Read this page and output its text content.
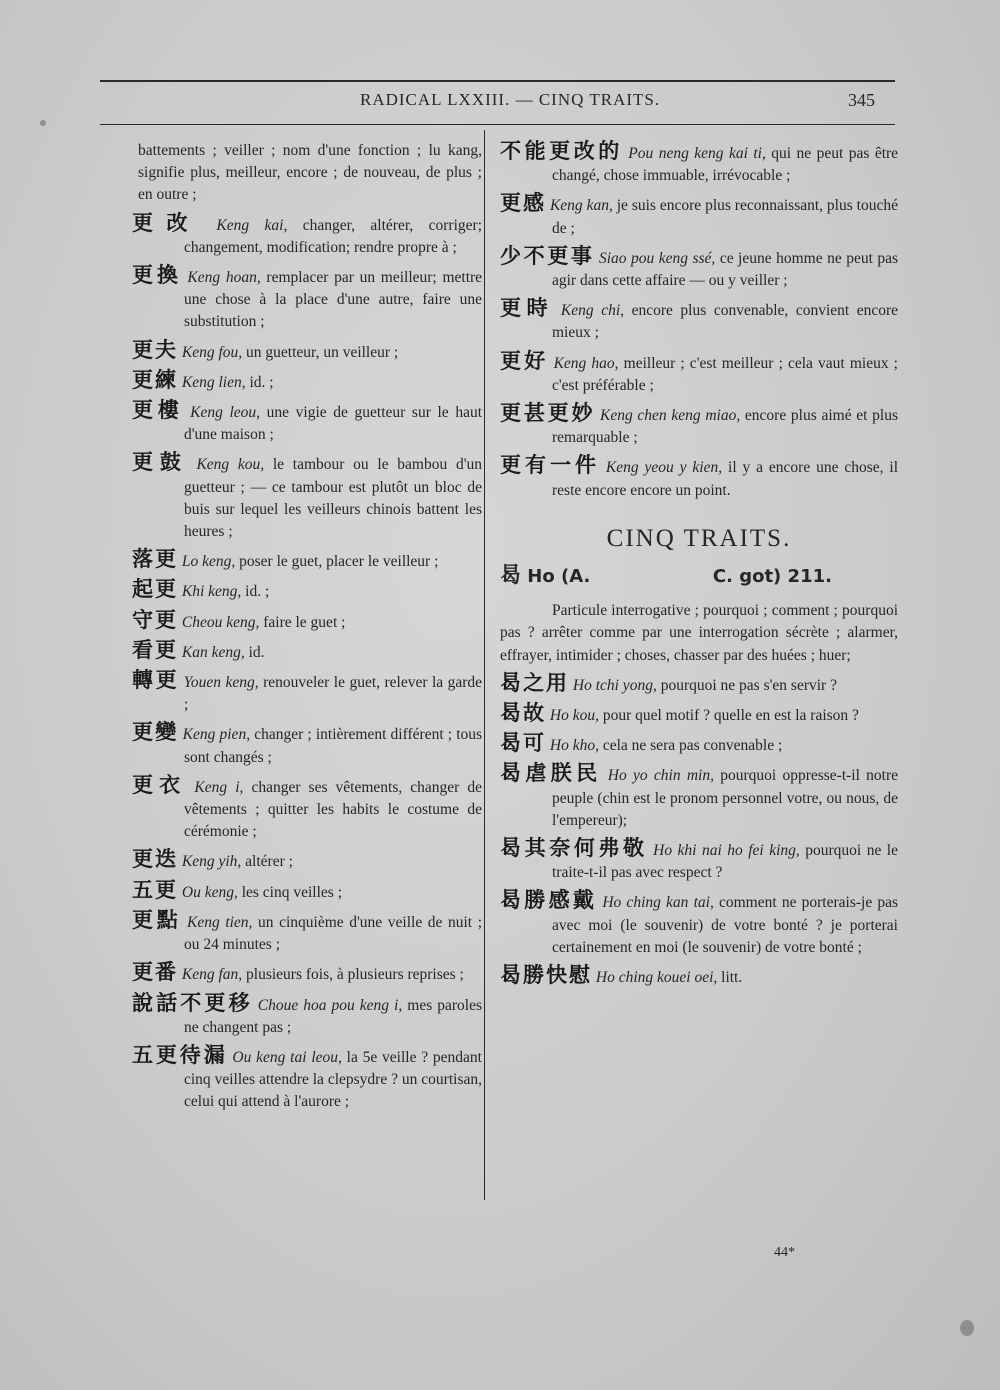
RADICAL LXXIII. — CINQ TRAITS.	345

battements ; veiller ; nom d'une fonction ; lu kang, signifie plus, meilleur, encore ; de nouveau, de plus ; en outre ;

更改 Keng kai, changer, altérer, corriger; changement, modification; rendre propre à ;

更換 Keng hoan, remplacer par un meilleur; mettre une chose à la place d'une autre, faire une substitution ;

更夫 Keng fou, un guetteur, un veilleur ;

更練 Keng lien, id. ;

更樓 Keng leou, une vigie de guetteur sur le haut d'une maison ;

更鼓 Keng kou, le tambour ou le bambou d'un guetteur ; — ce tambour est plutôt un bloc de buis sur lequel les veilleurs chinois battent les heures ;

落更 Lo keng, poser le guet, placer le veilleur ;

起更 Khi keng, id. ;

守更 Cheou keng, faire le guet ;

看更 Kan keng, id.

轉更 Youen keng, renouveler le guet, relever la garde ;

更變 Keng pien, changer ; intièrement différent ; tous sont changés ;

更衣 Keng i, changer ses vêtements, changer de vêtements ; quitter les habits le costume de cérémonie ;

更迭 Keng yih, altérer ;

五更 Ou keng, les cinq veilles ;

更點 Keng tien, un cinquième d'une veille de nuit ; ou 24 minutes ;

更番 Keng fan, plusieurs fois, à plusieurs reprises ;

說話不更移 Choue hoa pou keng i, mes paroles ne changent pas ;

五更待漏 Ou keng tai leou, la 5e veille ? pendant cinq veilles attendre la clepsydre ? un courtisan, celui qui attend à l'aurore ;

不能更改的 Pou neng keng kai ti, qui ne peut pas être changé, chose immuable, irrévocable ;

更感 Keng kan, je suis encore plus reconnaissant, plus touché de ;

少不更事 Siao pou keng ssé, ce jeune homme ne peut pas agir dans cette affaire — ou y veiller ;

更時 Keng chi, encore plus convenable, convient encore mieux ;

更好 Keng hao, meilleur ; c'est meilleur ; cela vaut mieux ; c'est préférable ;

更甚更妙 Keng chen keng miao, encore plus aimé et plus remarquable ;

更有一件 Keng yeou y kien, il y a encore une chose, il reste encore encore un point.

CINQ TRAITS.
曷 Ho (A.	C. got) 211.

Particule interrogative ; pourquoi ; comment ; pourquoi pas ? arrêter comme par une interrogation sécrète ; alarmer, effrayer, intimider ; choses, chasser par des huées ; huer;

曷之用 Ho tchi yong, pourquoi ne pas s'en servir ?

曷故 Ho kou, pour quel motif ? quelle en est la raison ?

曷可 Ho kho, cela ne sera pas convenable ;

曷虐朕民 Ho yo chin min, pourquoi oppresse-t-il notre peuple (chin est le pronom personnel votre, ou nous, de l'empereur);

曷其奈何弗敬 Ho khi nai ho fei king, pourquoi ne le traite-t-il pas avec respect ?

曷勝感戴 Ho ching kan tai, comment ne porterais-je pas avec moi (le souvenir) de votre bonté ? je porterai certainement en moi (le souvenir) de votre bonté ;

曷勝快慰 Ho ching kouei oei, litt.

44*
